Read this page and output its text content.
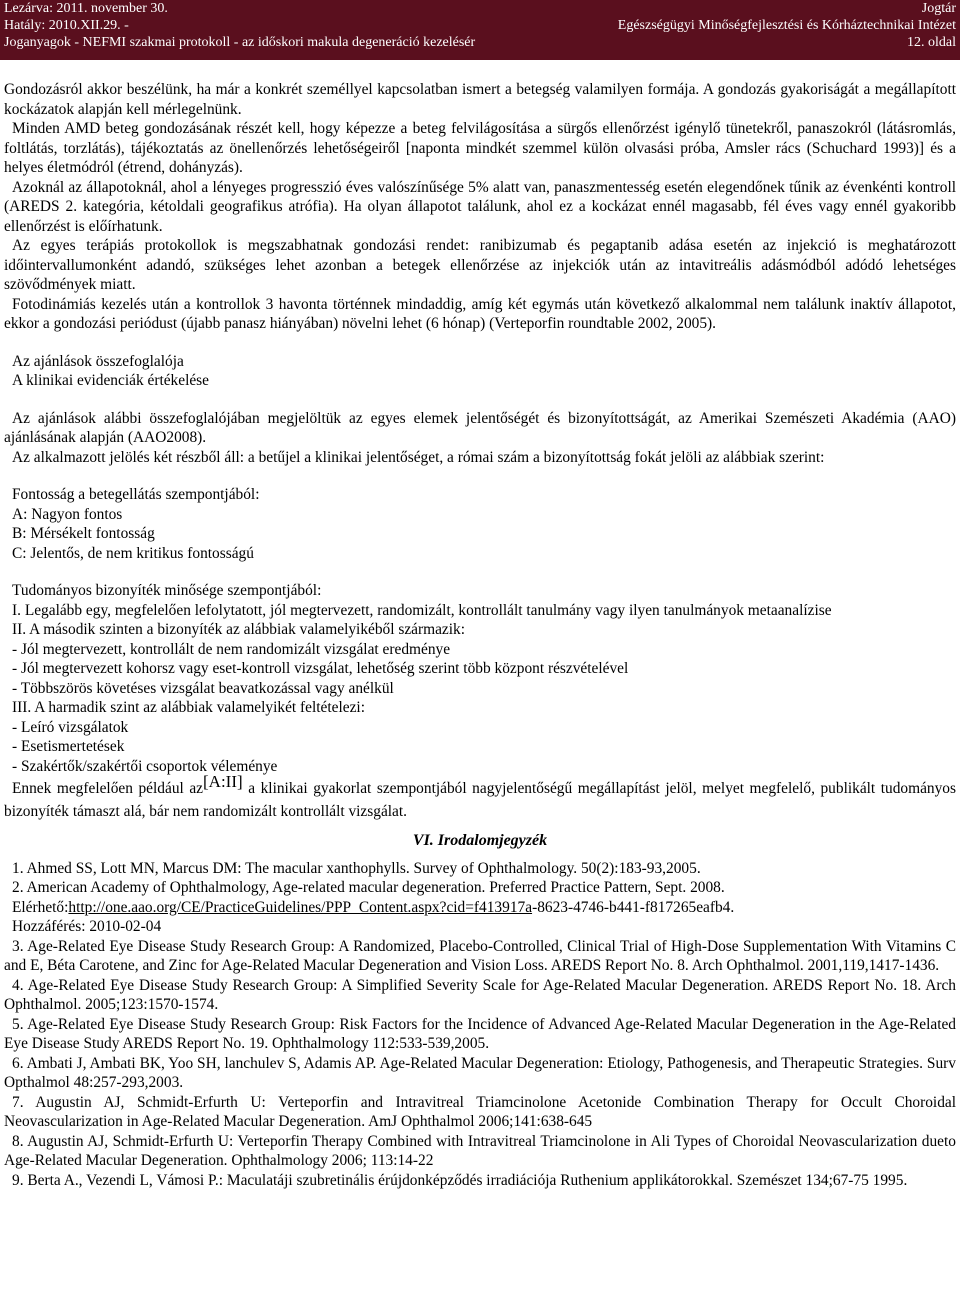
Lezárva: 2011. november 30.	Jogtár
Hatály: 2010.XII.29. -	Egészségügyi Minőségfejlesztési és Kórháztechnikai Intézet
Joganyagok - NEFMI szakmai protokoll - az időskori makula degeneráció kezelésér	12. oldal

Gondozásról akkor beszélünk, ha már a konkrét személlyel kapcsolatban ismert a betegség valamilyen formája. A gondozás gyakoriságát a megállapított kockázatok alapján kell mérlegelnünk.

Minden AMD beteg gondozásának részét kell, hogy képezze a beteg felvilágosítása a sürgős ellenőrzést igénylő tünetekről, panaszokról (látásromlás, foltlátás, torzlátás), tájékoztatás az önellenőrzés lehetőségeiről [naponta mindkét szemmel külön olvasási próba, Amsler rács (Schuchard 1993)] és a helyes életmódról (étrend, dohányzás).

Azoknál az állapotoknál, ahol a lényeges progresszió éves valószínűsége 5% alatt van, panaszmentesség esetén elegendőnek tűnik az évenkénti kontroll (AREDS 2. kategória, kétoldali geografikus atrófia). Ha olyan állapotot találunk, ahol ez a kockázat ennél magasabb, fél éves vagy ennél gyakoribb ellenőrzést is előírhatunk.

Az egyes terápiás protokollok is megszabhatnak gondozási rendet: ranibizumab és pegaptanib adása esetén az injekció is meghatározott időintervallumonként adandó, szükséges lehet azonban a betegek ellenőrzése az injekciók után az intavitreális adásmódból adódó lehetséges szövődmények miatt.

Fotodinámiás kezelés után a kontrollok 3 havonta történnek mindaddig, amíg két egymás után következő alkalommal nem találunk inaktív állapotot, ekkor a gondozási periódust (újabb panasz hiányában) növelni lehet (6 hónap) (Verteporfin roundtable 2002, 2005).

Az ajánlások összefoglalója

A klinikai evidenciák értékelése

Az ajánlások alábbi összefoglalójában megjelöltük az egyes elemek jelentőségét és bizonyítottságát, az Amerikai Szemészeti Akadémia (AAO) ajánlásának alapján (AAO2008).

Az alkalmazott jelölés két részből áll: a betűjel a klinikai jelentőséget, a római szám a bizonyítottság fokát jelöli az alábbiak szerint:

Fontosság a betegellátás szempontjából:

A: Nagyon fontos

B: Mérsékelt fontosság

C: Jelentős, de nem kritikus fontosságú

Tudományos bizonyíték minősége szempontjából:

I. Legalább egy, megfelelően lefolytatott, jól megtervezett, randomizált, kontrollált tanulmány vagy ilyen tanulmányok metaanalízise

II. A második szinten a bizonyíték az alábbiak valamelyikéből származik:

- Jól megtervezett, kontrollált de nem randomizált vizsgálat eredménye

- Jól megtervezett kohorsz vagy eset-kontroll vizsgálat, lehetőség szerint több központ részvételével

- Többszörös követéses vizsgálat beavatkozással vagy anélkül

III. A harmadik szint az alábbiak valamelyikét feltételezi:

- Leíró vizsgálatok

- Esetismertetések

- Szakértők/szakértői csoportok véleménye

Ennek megfelelően például az[A:II] a klinikai gyakorlat szempontjából nagyjelentőségű megállapítást jelöl, melyet megfelelő, publikált tudományos bizonyíték támaszt alá, bár nem randomizált kontrollált vizsgálat.

VI. Irodalomjegyzék

1. Ahmed SS, Lott MN, Marcus DM: The macular xanthophylls. Survey of Ophthalmology. 50(2):183-93,2005.

2. American Academy of Ophthalmology, Age-related macular degeneration. Preferred Practice Pattern, Sept. 2008.

Elérhető:http://one.aao.org/CE/PracticeGuidelines/PPP_Content.aspx?cid=f413917a-8623-4746-b441-f817265eafb4.

Hozzáférés: 2010-02-04

3. Age-Related Eye Disease Study Research Group: A Randomized, Placebo-Controlled, Clinical Trial of High-Dose Supplementation With Vitamins C and E, Béta Carotene, and Zinc for Age-Related Macular Degeneration and Vision Loss. AREDS Report No. 8. Arch Ophthalmol. 2001,119,1417-1436.

4. Age-Related Eye Disease Study Research Group: A Simplified Severity Scale for Age-Related Macular Degeneration. AREDS Report No. 18. Arch Ophthalmol. 2005;123:1570-1574.

5. Age-Related Eye Disease Study Research Group: Risk Factors for the Incidence of Advanced Age-Related Macular Degeneration in the Age-Related Eye Disease Study AREDS Report No. 19. Ophthalmology 112:533-539,2005.

6. Ambati J, Ambati BK, Yoo SH, lanchulev S, Adamis AP. Age-Related Macular Degeneration: Etiology, Pathogenesis, and Therapeutic Strategies. Surv Opthalmol 48:257-293,2003.

7. Augustin AJ, Schmidt-Erfurth U: Verteporfin and Intravitreal Triamcinolone Acetonide Combination Therapy for Occult Choroidal Neovascularization in Age-Related Macular Degeneration. AmJ Ophthalmol 2006;141:638-645

8. Augustin AJ, Schmidt-Erfurth U: Verteporfin Therapy Combined with Intravitreal Triamcinolone in Ali Types of Choroidal Neovascularization dueto Age-Related Macular Degeneration. Ophthalmology 2006; 113:14-22

9. Berta A., Vezendi L, Vámosi P.: Maculatáji szubretinális érújdonképződés irradiációja Ruthenium applikátorokkal. Szemészet 134;67-75 1995.
